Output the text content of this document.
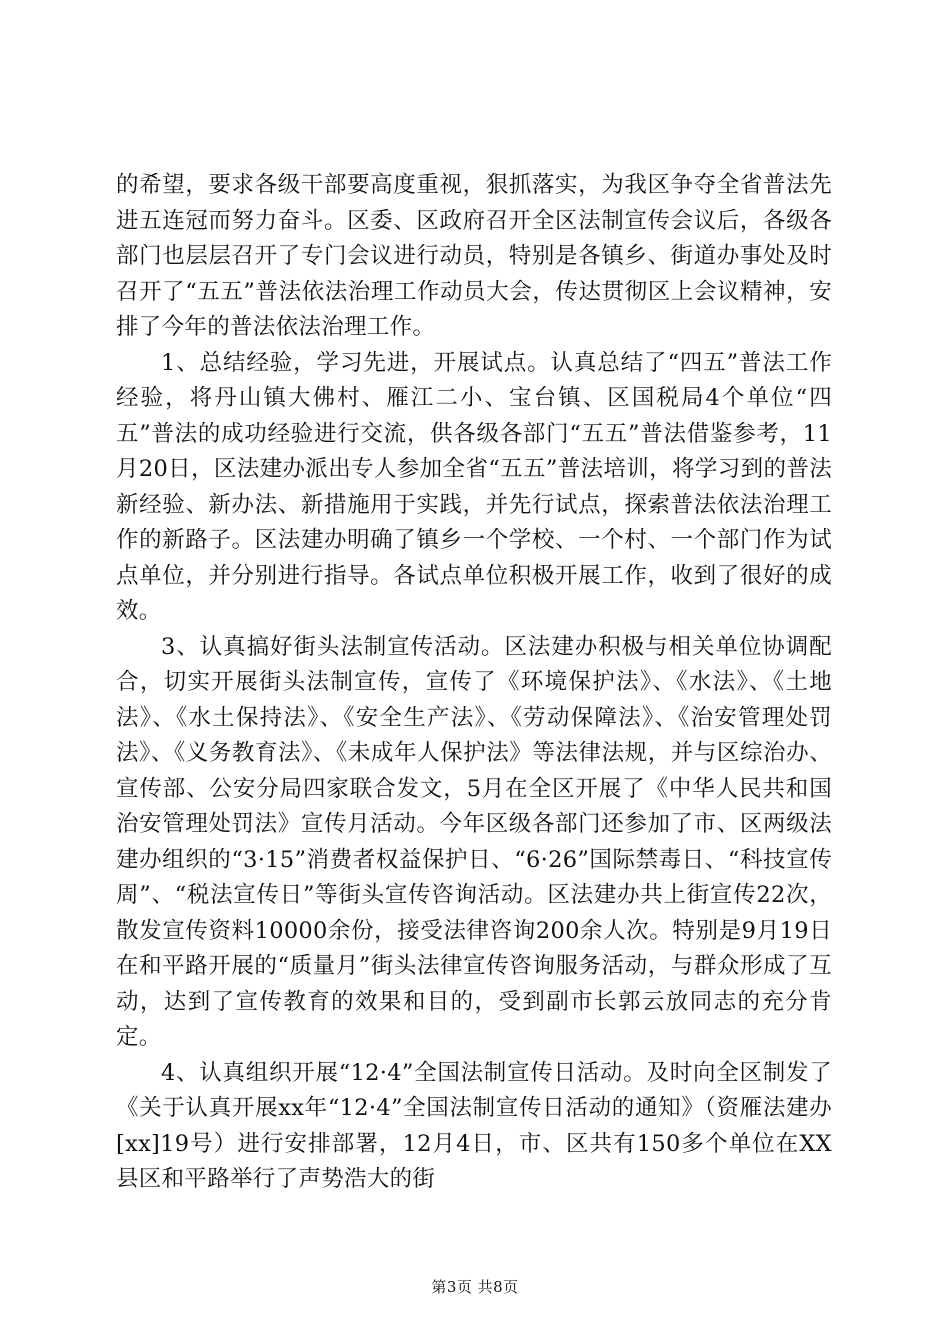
的希望，要求各级干部要高度重视，狠抓落实，为我区争夺全省普法先进五连冠而努力奋斗。区委、区政府召开全区法制宣传会议后，各级各部门也层层召开了专门会议进行动员，特别是各镇乡、街道办事处及时召开了“五五”普法依法治理工作动员大会，传达贯彻区上会议精神，安排了今年的普法依法治理工作。

1、总结经验，学习先进，开展试点。认真总结了“四五”普法工作经验，将丹山镇大佛村、雁江二小、宝台镇、区国税局4个单位“四五”普法的成功经验进行交流，供各级各部门“五五”普法借鉴参考，11月20日，区法建办派出专人参加全省“五五”普法培训，将学习到的普法新经验、新办法、新措施用于实践，并先行试点，探索普法依法治理工作的新路子。区法建办明确了镇乡一个学校、一个村、一个部门作为试点单位，并分别进行指导。各试点单位积极开展工作，收到了很好的成效。

3、认真搞好街头法制宣传活动。区法建办积极与相关单位协调配合，切实开展街头法制宣传，宣传了《环境保护法》、《水法》、《土地法》、《水土保持法》、《安全生产法》、《劳动保障法》、《治安管理处罚法》、《义务教育法》、《未成年人保护法》等法律法规，并与区综治办、宣传部、公安分局四家联合发文，5月在全区开展了《中华人民共和国治安管理处罚法》宣传月活动。今年区级各部门还参加了市、区两级法建办组织的“3·15”消费者权益保护日、“6·26”国际禁毒日、“科技宣传周”、“税法宣传日”等街头宣传咨询活动。区法建办共上街宣传22次，散发宣传资料10000余份，接受法律咨询200余人次。特别是9月19日在和平路开展的“质量月”街头法律宣传咨询服务活动，与群众形成了互动，达到了宣传教育的效果和目的，受到副市长郭云放同志的充分肯定。

4、认真组织开展“12·4”全国法制宣传日活动。及时向全区制发了《关于认真开展xx年“12·4”全国法制宣传日活动的通知》（资雁法建办[xx]19号）进行安排部署，12月4日，市、区共有150多个单位在XX县区和平路举行了声势浩大的街

第3页 共8页
